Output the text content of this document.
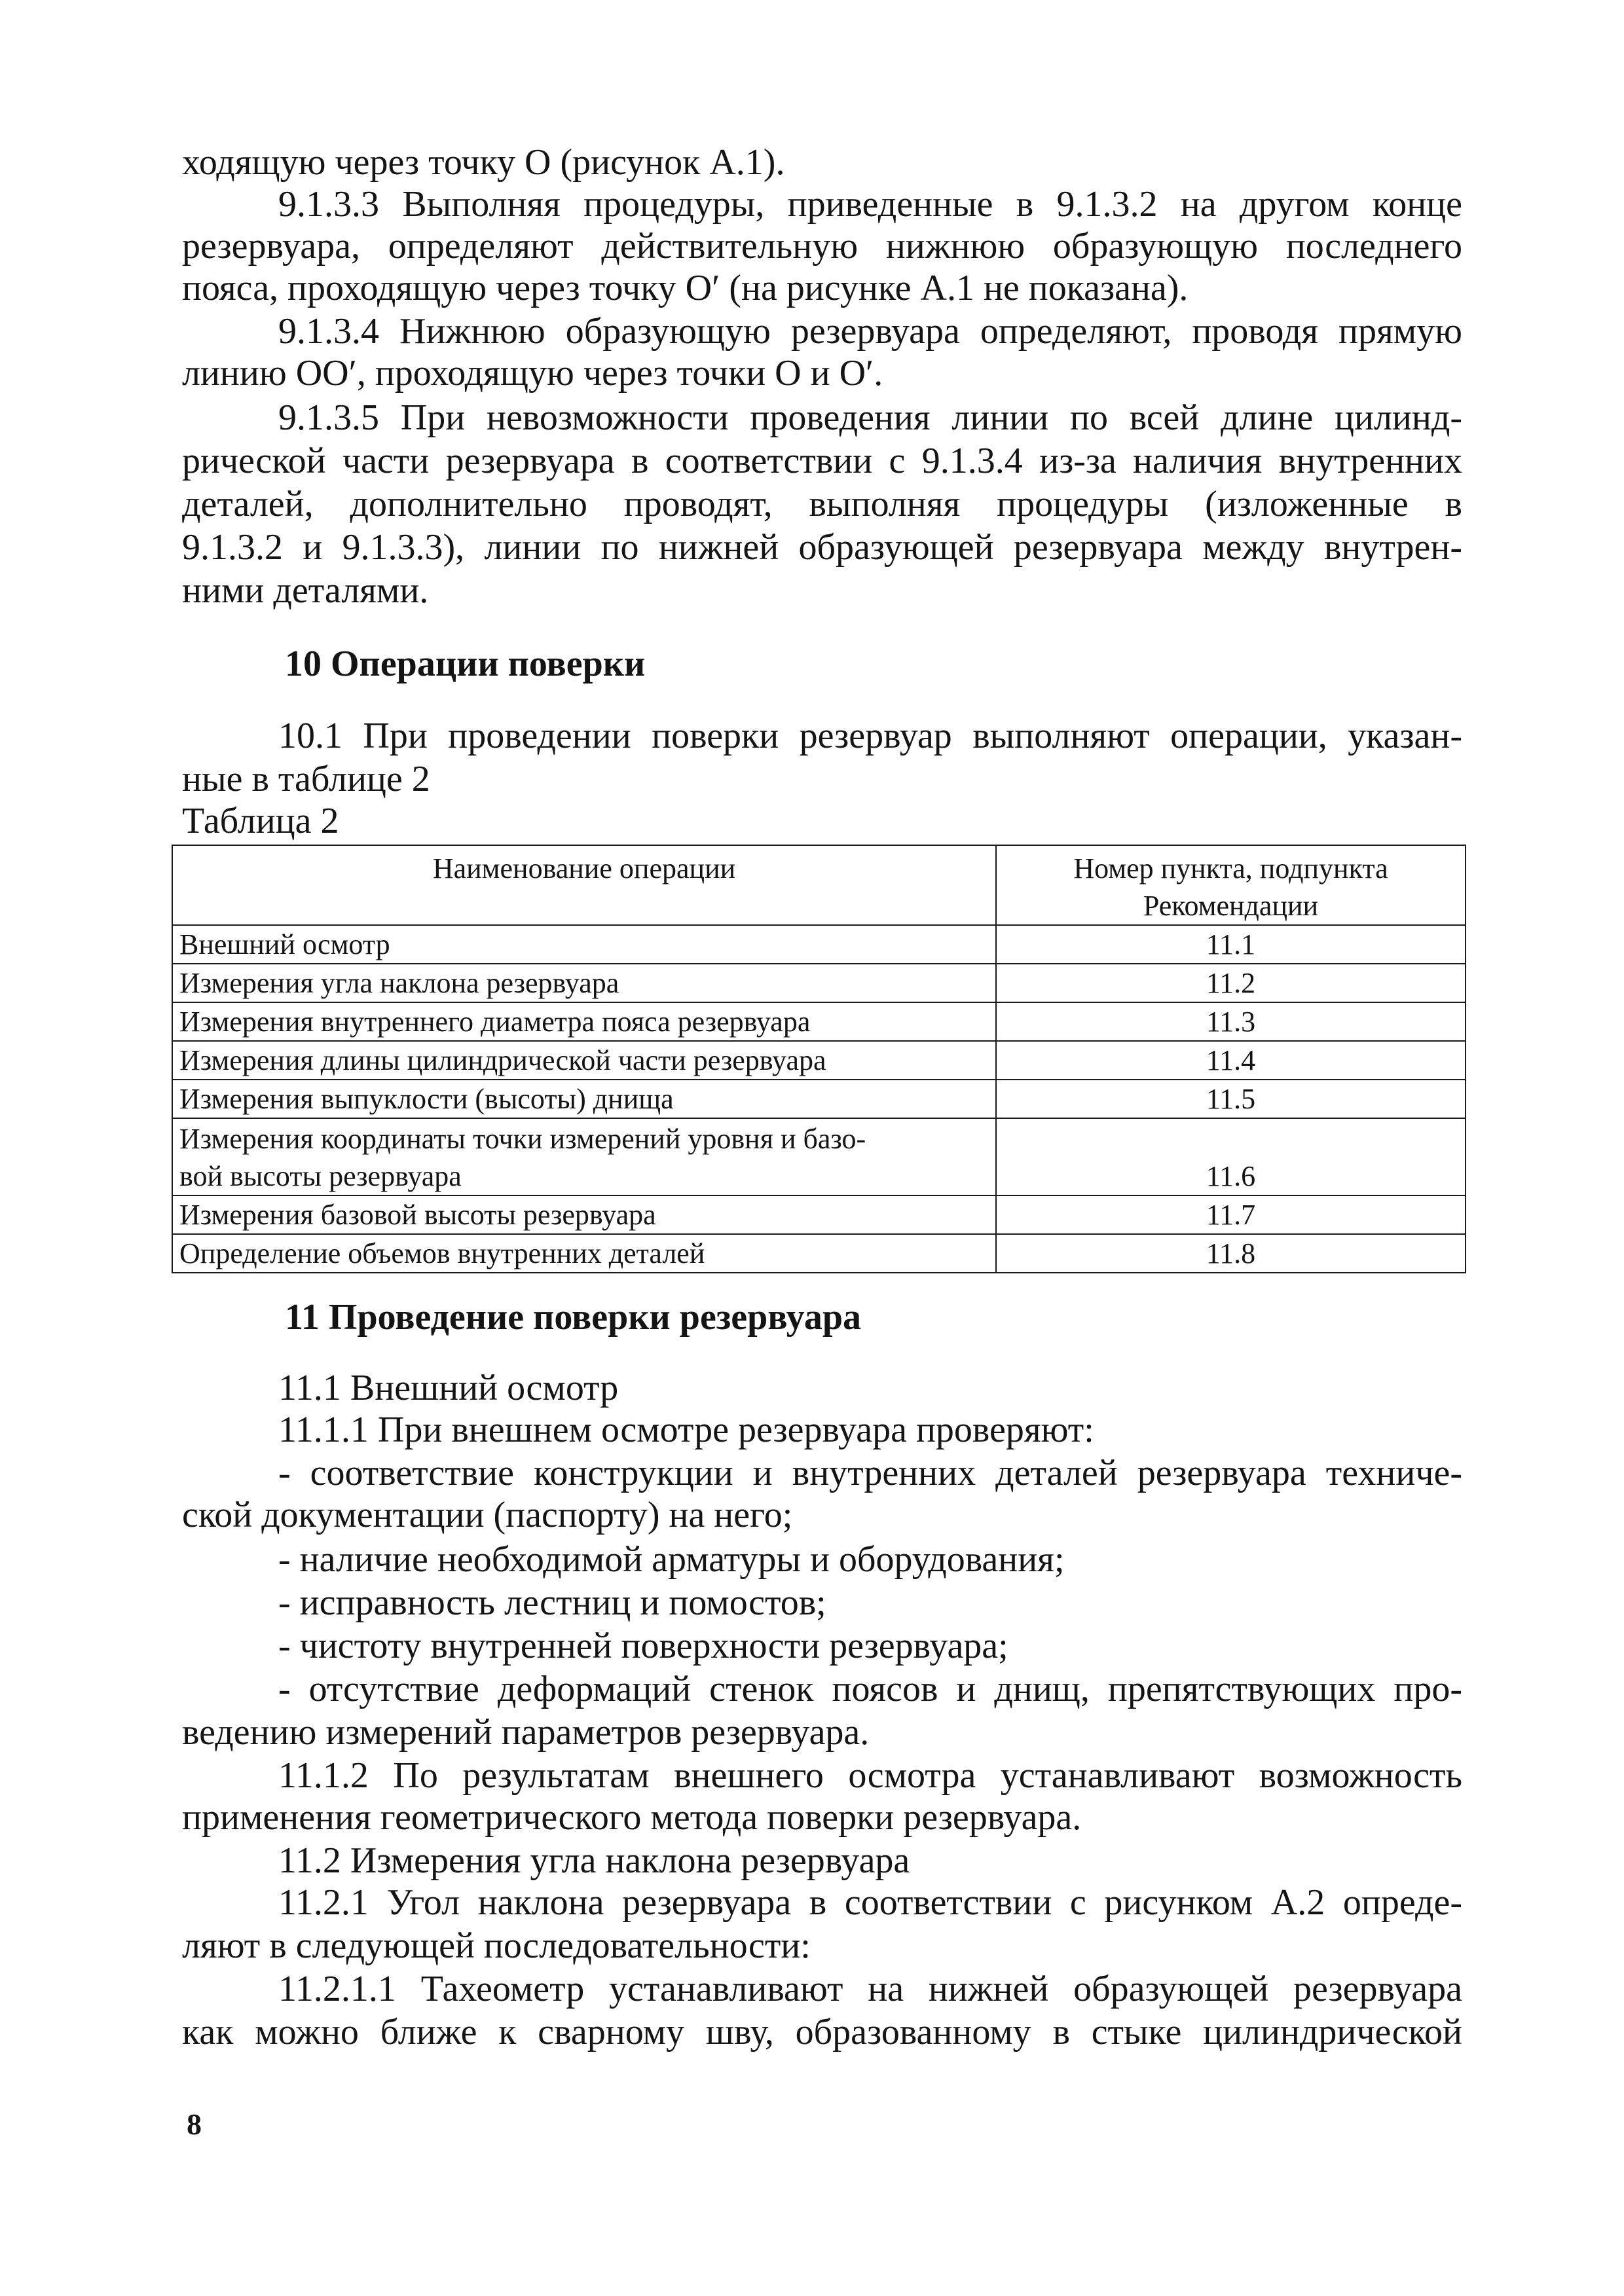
ходящую через точку О (рисунок А.1).
9.1.3.3 Выполняя процедуры, приведенные в 9.1.3.2 на другом конце
резервуара, определяют действительную нижнюю образующую последнего
пояса, проходящую через точку О′ (на рисунке А.1 не показана).
9.1.3.4 Нижнюю образующую резервуара определяют, проводя прямую
линию ОО′, проходящую через точки О и О′.
9.1.3.5 При невозможности проведения линии по всей длине цилинд-
рической части резервуара в соответствии с 9.1.3.4 из-за наличия внутренних
деталей, дополнительно проводят, выполняя процедуры (изложенные в
9.1.3.2 и 9.1.3.3), линии по нижней образующей резервуара между внутрен-
ними деталями.
10 Операции поверки
10.1 При проведении поверки резервуар выполняют операции, указан-
ные в таблице 2
Таблица 2
Наименование операции	Номер пункта, подпункта
Рекомендации
Внешний осмотр	11.1
Измерения угла наклона резервуара	11.2
Измерения внутреннего диаметра пояса резервуара	11.3
Измерения длины цилиндрической части резервуара	11.4
Измерения выпуклости (высоты) днища	11.5
Измерения координаты точки измерений уровня и базо-
вой высоты резервуара	11.6
Измерения базовой высоты резервуара	11.7
Определение объемов внутренних деталей	11.8
11 Проведение поверки резервуара
11.1 Внешний осмотр
11.1.1 При внешнем осмотре резервуара проверяют:
- соответствие конструкции и внутренних деталей резервуара техниче-
ской документации (паспорту) на него;
- наличие необходимой арматуры и оборудования;
- исправность лестниц и помостов;
- чистоту внутренней поверхности резервуара;
- отсутствие деформаций стенок поясов и днищ, препятствующих про-
ведению измерений параметров резервуара.
11.1.2 По результатам внешнего осмотра устанавливают возможность
применения геометрического метода поверки резервуара.
11.2 Измерения угла наклона резервуара
11.2.1 Угол наклона резервуара в соответствии с рисунком А.2 опреде-
ляют в следующей последовательности:
11.2.1.1 Тахеометр устанавливают на нижней образующей резервуара
как можно ближе к сварному шву, образованному в стыке цилиндрической
8
